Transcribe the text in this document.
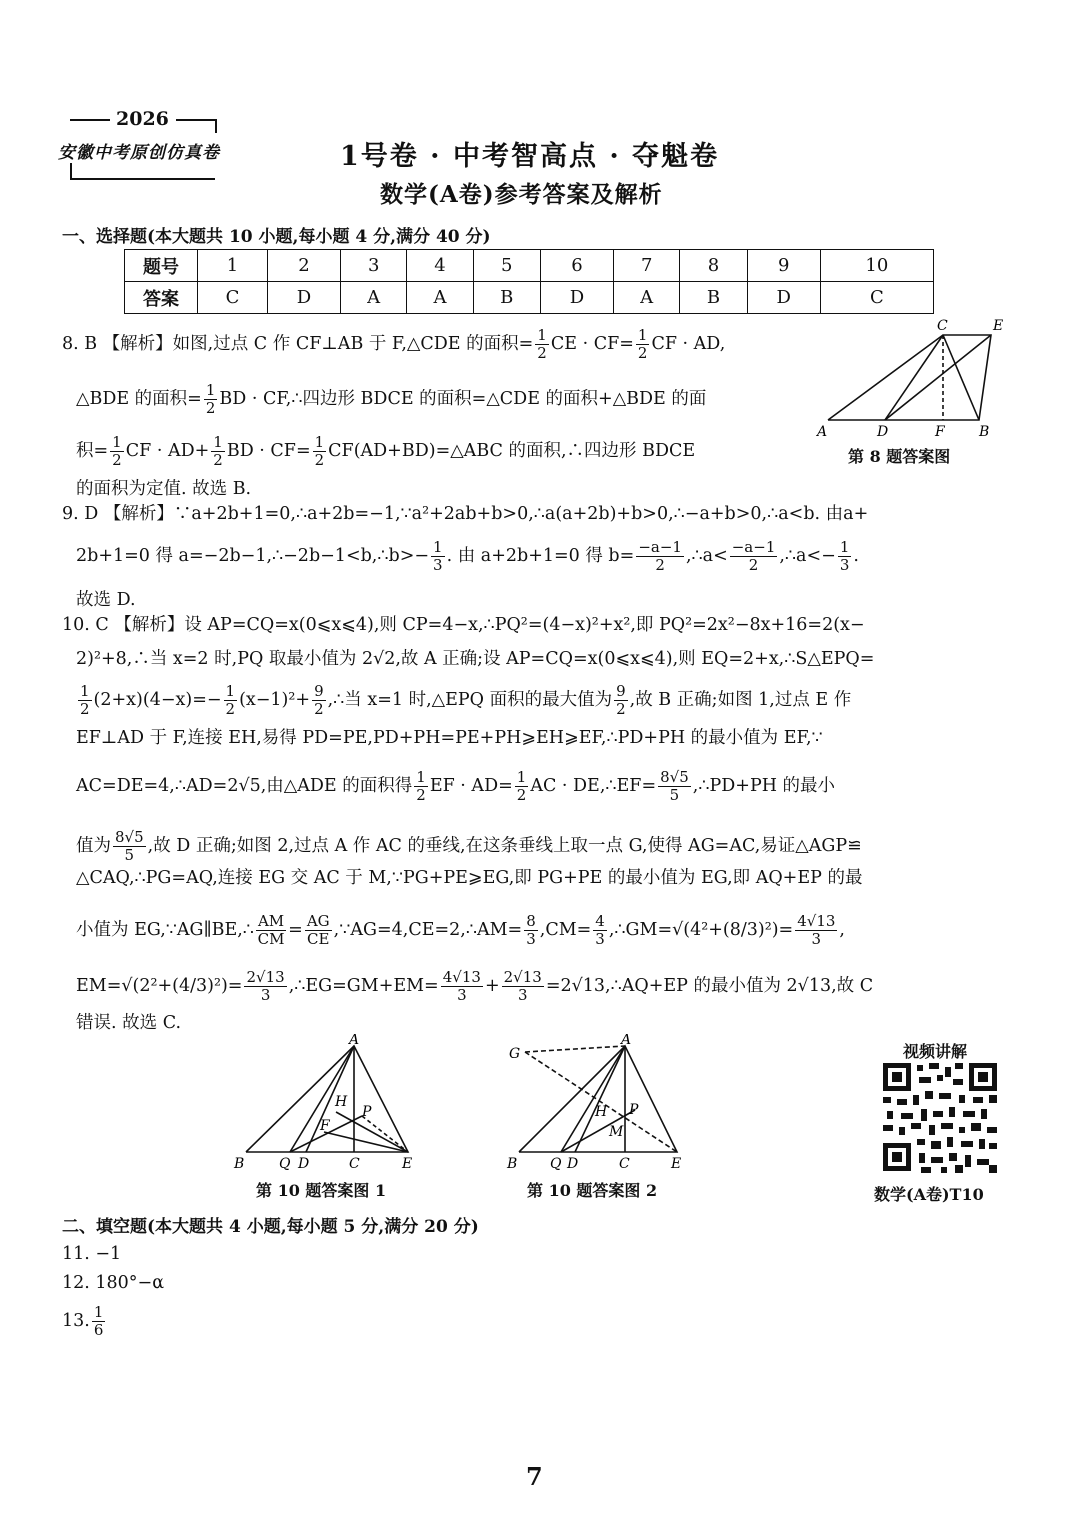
2026
安徽中考原创仿真卷	1号卷 · 中考智高点 · 夺魁卷
数学(A卷)参考答案及解析
一、选择题(本大题共 10 小题,每小题 4 分,满分 40 分)
题号	1	2	3	4	5	6	7	8	9	10
答案	C	D	A	A	B	D	A	B	D	C
8. B 【解析】如图,过点 C 作 CF⊥AB 于 F,△CDE 的面积= $\frac{1}{2}$ CE · $CF= \frac{1}{2}$ CF · AD,
△BDE 的面积= $\frac{1}{2}$ BD · CF,∴四边形 BDCE 的面积=△CDE 的面积+△BDE 的面
积= $\frac{1}{2}$ CF · $AD+ \frac{1}{2}$ BD · $CF= \frac{1}{2}$ CF(AD+BD)=△ABC 的面积,∴四边形 BDCE
的面积为定值. 故选 B.
C	E
A	D	F B
第 8 题答案图
9. D 【解析】∵a+2b+1=0,∴a+2b=−1,∵a²+2ab+b>0,∴a(a+2b)+b>0,∴−a+b>0,∴a<b. 由a+
2b+1=0 得 a=−2b−1,∴−2b−1<b,∴b>− $\frac{1}{3}$ . 由 a+2b+1=0 得 $b= \frac{-a-1}{2}$ ,∴a< $\frac{-a-1}{2}$ ,∴a<− $\frac{1}{3}$ .
故选 D.
10. C 【解析】设 AP=CQ=x(0⩽x⩽4),则 CP=4−x,∴PQ²=(4−x)²+x²,即 PQ²=2x²−8x+16=2(x−
2)²+8,∴当 x=2 时,PQ 取最小值为 2√2,故 A 正确;设 AP=CQ=x(0⩽x⩽4),则 EQ=2+x,∴S△EPQ=
$\frac{1}{2} (2+x)(4-x)=- \frac{1}{2} (x-1)^2+ \frac{9}{2}$ ,∴当 x=1 时,△EPQ 面积的最大值为 $\frac{9}{2}$ ,故 B 正确;如图 1,过点 E 作
EF⊥AD 于 F,连接 EH,易得 PD=PE,PD+PH=PE+PH⩾EH⩾EF,∴PD+PH 的最小值为 EF,∵
AC=DE=4,∴AD=2√5,由△ADE 的面积得 $\frac{1}{2}$ EF · $AD= \frac{1}{2}$ AC · DE,∴EF= $\frac{8√5}{5}$ ,∴PD+PH 的最小
值为 $\frac{8√5}{5}$ ,故 D 正确;如图 2,过点 A 作 AC 的垂线,在这条垂线上取一点 G,使得 AG=AC,易证△AGP≌
△CAQ,∴PG=AQ,连接 EG 交 AC 于 M,∵PG+PE⩾EG,即 PG+PE 的最小值为 EG,即 AQ+EP 的最
小值为 EG,∵AG∥BE,∴ $\frac{AM}{CM} = \frac{AG}{CE}$ ,∵AG=4,CE=2,∴AM= $\frac{8}{3} ,CM= \frac{4}{3}$ ,∴GM=√(4²+(8/3)²)= $\frac{4√13}{3}$ ,
$EM=√(2^2+(4/3)^2)= \frac{2√13}{3}$ ,∴EG=GM+EM= $\frac{4√13}{3} + \frac{2√13}{3}$ =2√13,∴AQ+EP 的最小值为 2√13,故 C
错误. 故选 C.
A
H
P
F
B Q D	C	E
第 10 题答案图 1
G
A
H P
M
B Q D	C	E
第 10 题答案图 2
视频讲解
数学(A卷)T10
二、填空题(本大题共 4 小题,每小题 5 分,满分 20 分)
11. −1
12. 180°−α
13. $\frac{1}{6}$
7
